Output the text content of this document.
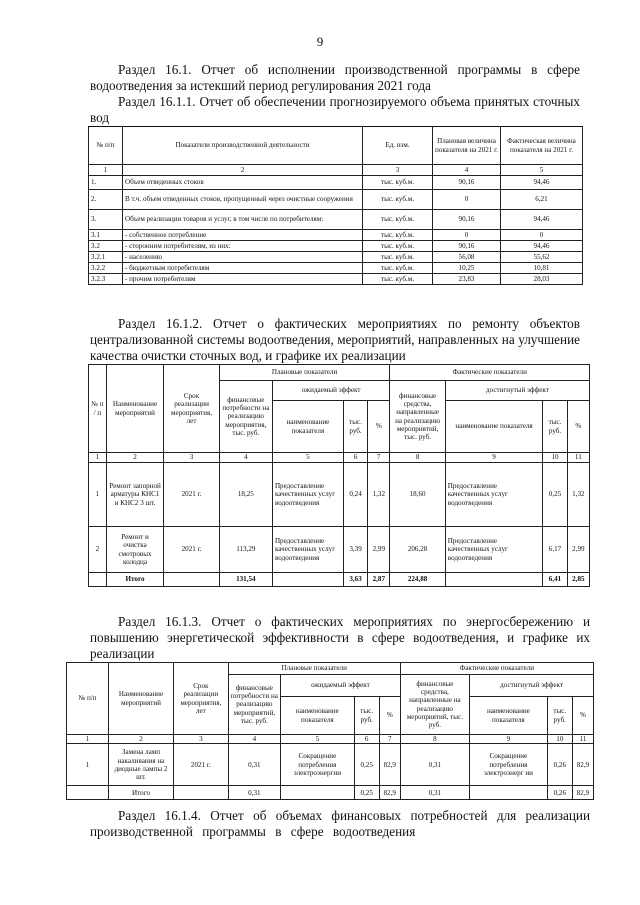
9
Раздел 16.1. Отчет об исполнении производственной программы в сфере водоотведения за истекший период регулирования 2021 года
Раздел 16.1.1. Отчет об обеспечении прогнозируемого объема принятых сточных вод
№ п/п	Показатели производственной деятельности	Ед. изм.	Плановая величина показателя на 2021 г.	Фактическая величина показателя на 2021 г.
1	2	3	4	5
1.	Объем отведенных стоков	тыс. куб.м.	90,16	94,46
2.	В т.ч. объем отведенных стоков, пропущенный через очистные сооружения	тыс. куб.м.	0	6,21
3.	Объем реализации товаров и услуг, в том числе по потребителям:	тыс. куб.м.	90,16	94,46
3.1	- собственное потребление	тыс. куб.м.	0	0
3.2	- сторонним потребителям, из них:	тыс. куб.м.	90,16	94,46
3.2.1	- населению	тыс. куб.м.	56,08	55,62
3.2.2	- бюджетным потребителям	тыс. куб.м.	10,25	10,81
3.2.3	- прочим потребителям	тыс. куб.м.	23,83	28,03
Раздел 16.1.2. Отчет о фактических мероприятиях по ремонту объектов централизованной системы водоотведения, мероприятий, направленных на улучшение качества очистки сточных вод, и графике их реализации
№ п / п	Наименование мероприятий	Срок реализации мероприятия, лет	Плановые показатели				Фактические показатели			
			финансовые потребности на реализацию мероприятия, тыс. руб.	ожидаемый эффект			финансовые средства, направленные на реализацию мероприятий, тыс. руб.	достигнутый эффект		
				наименование показателя	тыс. руб.	%		наименование показателя	тыс. руб.	%
1	2	3	4	5	6	7	8	9	10	11
1	Ремонт запорной арматуры КНС1 и КНС2 3 шт.	2021 г.	18,25	Предоставление качественных услуг водоотведения	0,24	1,32	18,60	Предоставление качественных услуг водоотведения	0,25	1,32
2	Ремонт и очистка смотровых колодца	2021 г.	113,29	Предоставление качественных услуг водоотведения	3,39	2,99	206,28	Предоставление качественных услуг водоотведения	6,17	2,99
	Итого		131,54		3,63	2,87	224,88		6,41	2,85
Раздел 16.1.3. Отчет о фактических мероприятиях по энергосбережению и повышению энергетической эффективности в сфере водоотведения, и графике их реализации
№ п/п	Наименование мероприятий	Срок реализации мероприятия, лет	Плановые показатели				Фактические показатели			
			финансовые потребности на реализацию мероприятий, тыс. руб.	ожидаемый эффект			финансовые средства, направленные на реализацию мероприятий, тыс. руб.	достигнутый эффект		
				наименование показателя	тыс. руб.	%		наименование показателя	тыс. руб.	%
1	2	3	4	5	6	7	8	9	10	11
1	Замена ламп накаливания на диодные лампы 2 шт.	2021 г.	0,31	Сокращение потребления электроэнергии	0,25	82,9	0,31	Сокращение потребления электроэнерг ии	0,26	82,9
	Итого		0,31		0,25	82,9	0,31		0,26	82,9
Раздел 16.1.4. Отчет об объемах финансовых потребностей для реализации производственной программы в сфере водоотведения
